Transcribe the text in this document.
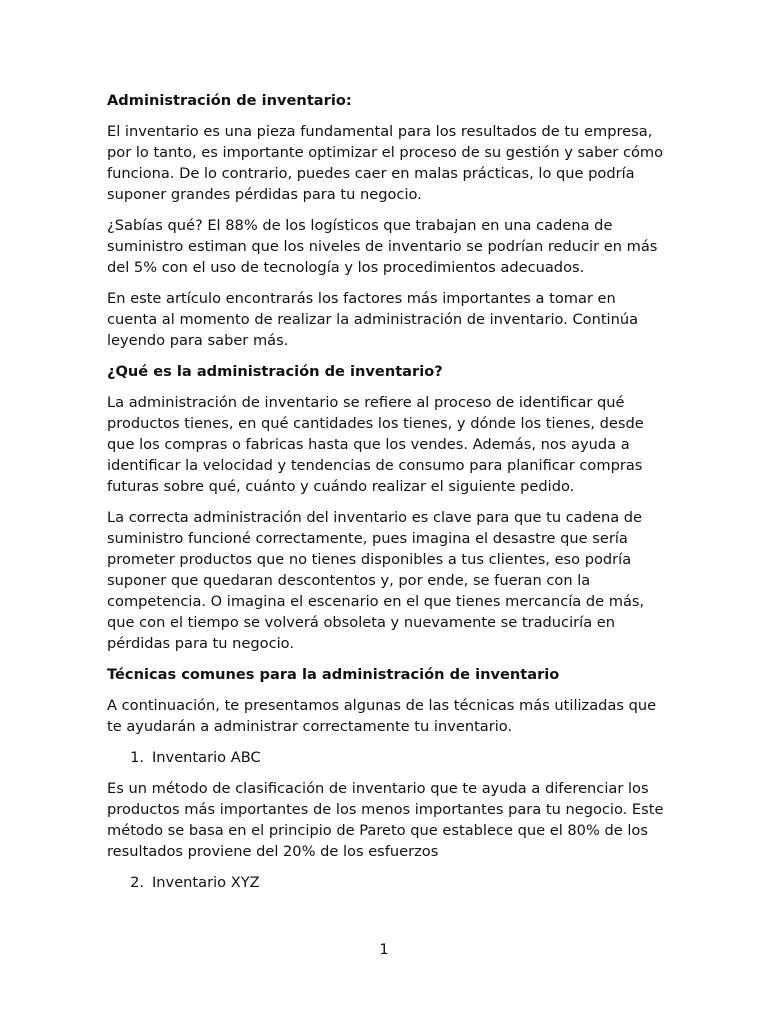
Administración de inventario:

El inventario es una pieza fundamental para los resultados de tu empresa, por lo tanto, es importante optimizar el proceso de su gestión y saber cómo funciona. De lo contrario, puedes caer en malas prácticas, lo que podría suponer grandes pérdidas para tu negocio.

¿Sabías qué? El 88% de los logísticos que trabajan en una cadena de suministro estiman que los niveles de inventario se podrían reducir en más del 5% con el uso de tecnología y los procedimientos adecuados.

En este artículo encontrarás los factores más importantes a tomar en cuenta al momento de realizar la administración de inventario. Continúa leyendo para saber más.

¿Qué es la administración de inventario?

La administración de inventario se refiere al proceso de identificar qué productos tienes, en qué cantidades los tienes, y dónde los tienes, desde que los compras o fabricas hasta que los vendes. Además, nos ayuda a identificar la velocidad y tendencias de consumo para planificar compras futuras sobre qué, cuánto y cuándo realizar el siguiente pedido.

La correcta administración del inventario es clave para que tu cadena de suministro funcioné correctamente, pues imagina el desastre que sería prometer productos que no tienes disponibles a tus clientes, eso podría suponer que quedaran descontentos y, por ende, se fueran con la competencia. O imagina el escenario en el que tienes mercancía de más, que con el tiempo se volverá obsoleta y nuevamente se traduciría en pérdidas para tu negocio.

Técnicas comunes para la administración de inventario

A continuación, te presentamos algunas de las técnicas más utilizadas que te ayudarán a administrar correctamente tu inventario.

1. Inventario ABC

Es un método de clasificación de inventario que te ayuda a diferenciar los productos más importantes de los menos importantes para tu negocio. Este método se basa en el principio de Pareto que establece que el 80% de los resultados proviene del 20% de los esfuerzos

2. Inventario XYZ
1
